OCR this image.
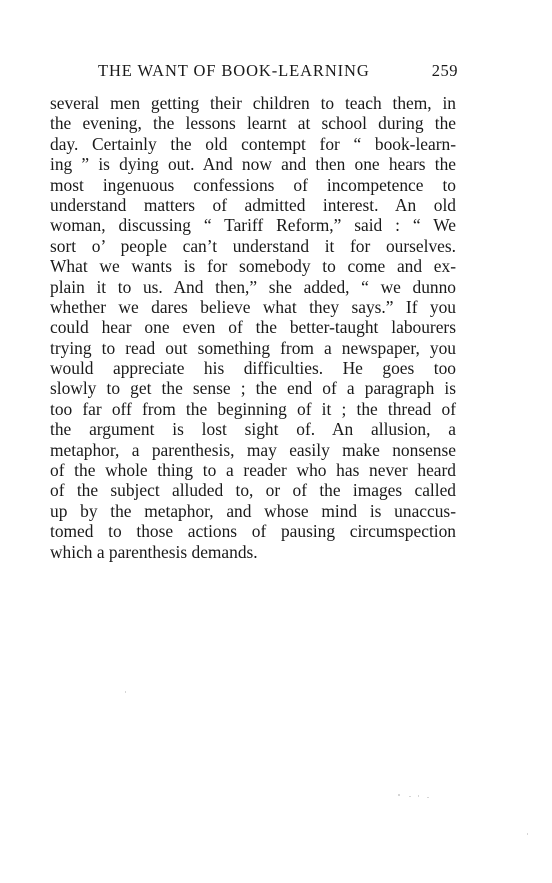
THE WANT OF BOOK-LEARNING	259
several men getting their children to teach them, in
the evening, the lessons learnt at school during the
day. Certainly the old contempt for “ book-learn-
ing ” is dying out. And now and then one hears the
most ingenuous confessions of incompetence to
understand matters of admitted interest. An old
woman, discussing “ Tariff Reform,” said : “ We
sort o’ people can’t understand it for ourselves.
What we wants is for somebody to come and ex-
plain it to us. And then,” she added, “ we dunno
whether we dares believe what they says.” If you
could hear one even of the better-taught labourers
trying to read out something from a newspaper, you
would appreciate his difficulties. He goes too
slowly to get the sense ; the end of a paragraph is
too far off from the beginning of it ; the thread of
the argument is lost sight of. An allusion, a
metaphor, a parenthesis, may easily make nonsense
of the whole thing to a reader who has never heard
of the subject alluded to, or of the images called
up by the metaphor, and whose mind is unaccus-
tomed to those actions of pausing circumspection
which a parenthesis demands.
